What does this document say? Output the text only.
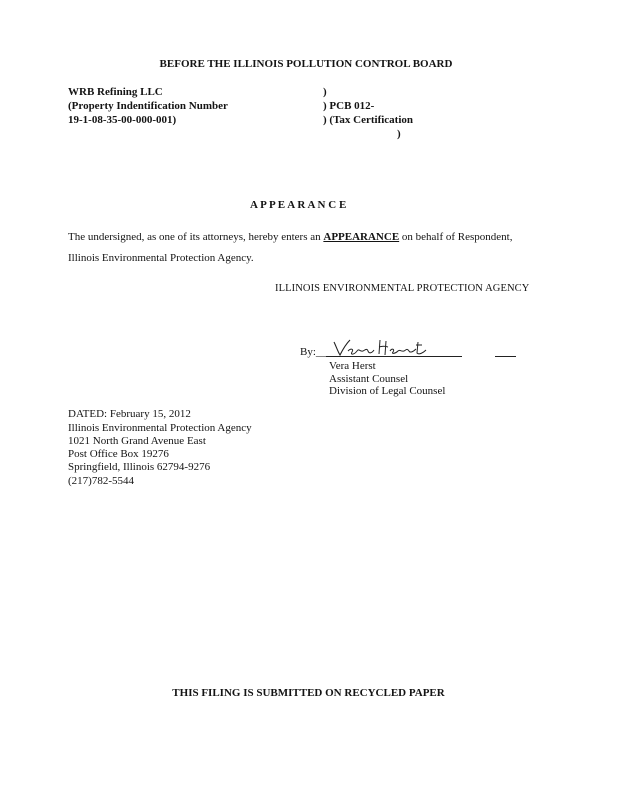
BEFORE THE ILLINOIS POLLUTION CONTROL BOARD
WRB Refining LLC
(Property Indentification Number
19-1-08-35-00-000-001)
)
) PCB 012-
) (Tax Certification
)
A P P E A R A N C E
The undersigned, as one of its attorneys, hereby enters an APPEARANCE on behalf of Respondent,
Illinois Environmental Protection Agency.
ILLINOIS ENVIRONMENTAL PROTECTION AGENCY
By:__
Vera Herst
Assistant Counsel
Division of Legal Counsel
DATED: February 15, 2012
Illinois Environmental Protection Agency
1021 North Grand Avenue East
Post Office Box 19276
Springfield, Illinois 62794-9276
(217)782-5544
THIS FILING IS SUBMITTED ON RECYCLED PAPER
